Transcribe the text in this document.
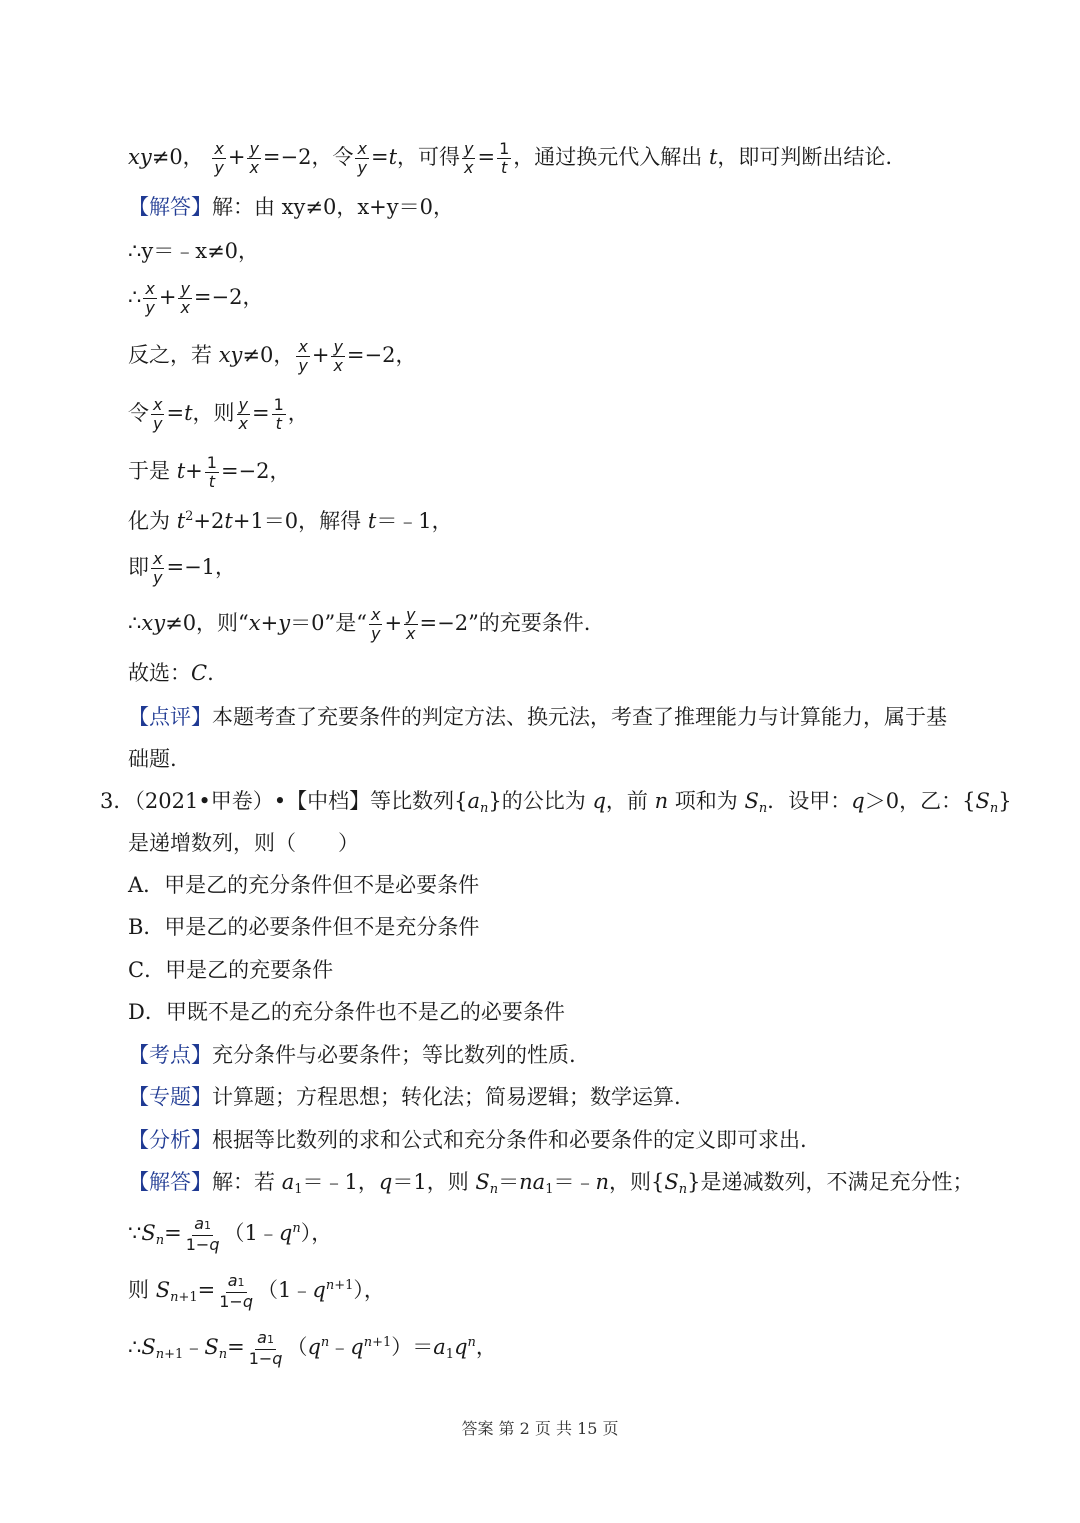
xy≠0， $\frac{x}{y} + \frac{y}{x} =-2$，令 $\frac{x}{y} =t$，可得 $\frac{y}{x} = \frac{1}{t}$ ，通过换元代入解出 t，即可判断出结论.
【解答】解：由 xy≠0，x+y＝0，
∴y＝﹣x≠0，
∴ $\frac{x}{y} + \frac{y}{x} =-2$，
反之，若 xy≠0， $\frac{x}{y} + \frac{y}{x} =-2$，
令 $\frac{x}{y} =t$，则 $\frac{y}{x} = \frac{1}{t}$ ，
于是 $t+ \frac{1}{t} =-2$，
化为 $t^2+2t+1=0$，解得 t＝﹣1，
即 $\frac{x}{y} =-1$，
∴xy≠0，则“x+y＝0”是“ $\frac{x}{y} + \frac{y}{x} =-2$”的充要条件.
故选：C.
【点评】本题考查了充要条件的判定方法、换元法，考查了推理能力与计算能力，属于基
础题.
3．（2021•甲卷）•【中档】等比数列$\{a_n\}$的公比为 q，前 n 项和为 $S_n$．设甲：q＞0，乙：$\{S_n\}$
是递增数列，则（　　）
A．甲是乙的充分条件但不是必要条件
B．甲是乙的必要条件但不是充分条件
C．甲是乙的充要条件
D．甲既不是乙的充分条件也不是乙的必要条件
【考点】充分条件与必要条件；等比数列的性质.
【专题】计算题；方程思想；转化法；简易逻辑；数学运算.
【分析】根据等比数列的求和公式和充分条件和必要条件的定义即可求出.
【解答】解：若 $a_1=﹣1$，q＝1，则 $S_n=na_1=﹣n$，则$\{S_n\}$是递减数列，不满足充分性；
$\because S_n= \frac{a1}{1-q}$ $(1﹣q^n)$，
则 $S_{n+1}= \frac{a1}{1-q}$ $(1﹣q^{n+1})$，
$\therefore S_{n+1}﹣S_n= \frac{a1}{1-q}$ $(q^n﹣q^{n+1})=a_1q^n$，
答案 第 2 页 共 15 页
